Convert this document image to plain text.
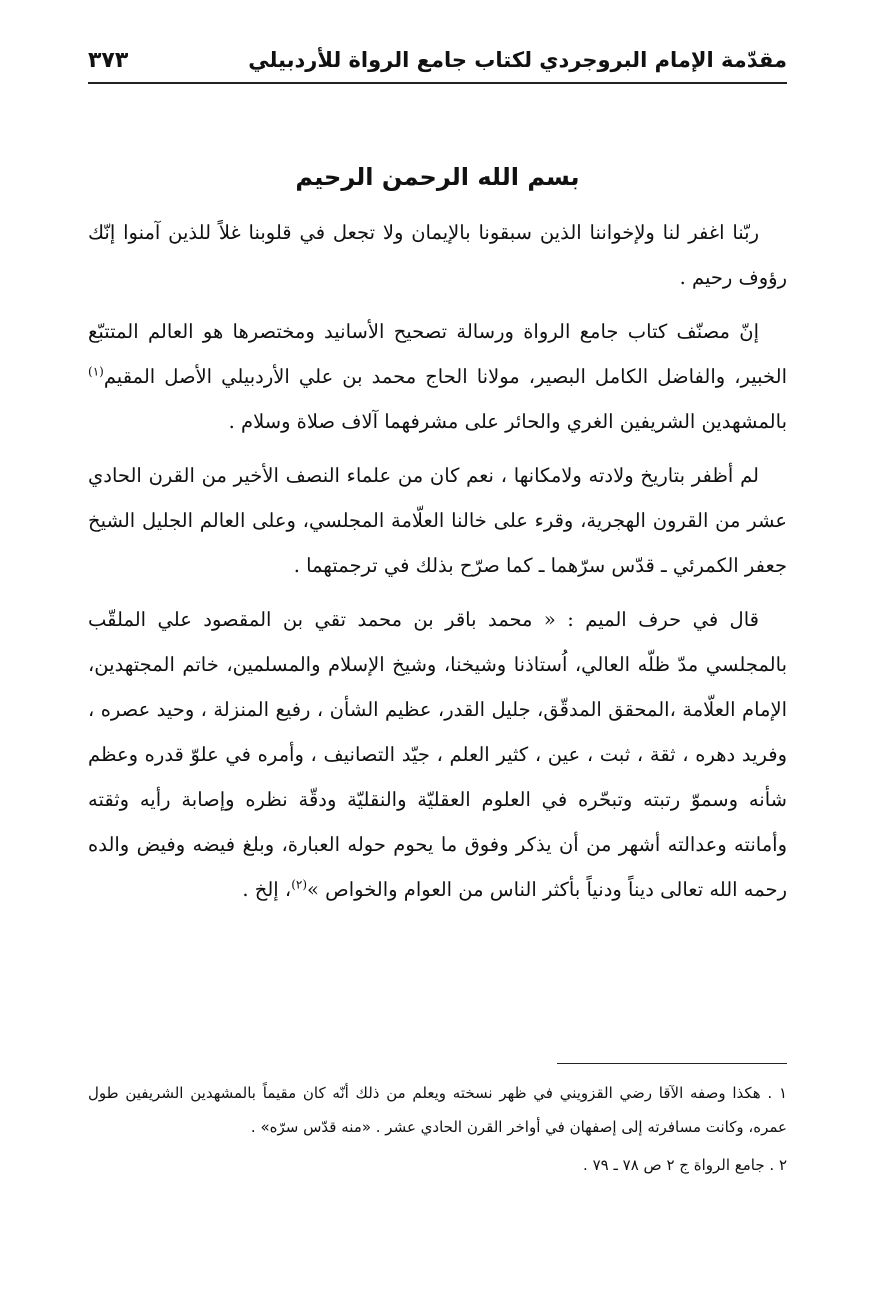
مقدّمة الإمام البروجردي لكتاب جامع الرواة للأردبيلي
٣٧٣
بسم الله الرحمن الرحيم

ربّنا اغفر لنا ولإخواننا الذين سبقونا بالإيمان ولا تجعل في قلوبنا غلاً للذين آمنوا إنّك رؤوف رحيم .

إنّ مصنّف كتاب جامع الرواة ورسالة تصحيح الأسانيد ومختصرها هو العالم المتتبّع الخبير، والفاضل الكامل البصير، مولانا الحاج محمد بن علي الأردبيلي الأصل المقيم$^{(١)}$ بالمشهدين الشريفين الغري والحائر على مشرفهما آلاف صلاة وسلام .

لم أظفر بتاريخ ولادته ولامكانها ، نعم كان من علماء النصف الأخير من القرن الحادي عشر من القرون الهجرية، وقرء على خالنا العلّامة المجلسي، وعلى العالم الجليل الشيخ جعفر الكمرئي ـ قدّس سرّهما ـ كما صرّح بذلك في ترجمتهما .

قال في حرف الميم : « محمد باقر بن محمد تقي بن المقصود علي الملقّب بالمجلسي مدّ ظلّه العالي، اُستاذنا وشيخنا، وشيخ الإسلام والمسلمين، خاتم المجتهدين، الإمام العلّامة ،المحقق المدقّق، جليل القدر، عظيم الشأن ، رفيع المنزلة ، وحيد عصره ، وفريد دهره ، ثقة ، ثبت ، عين ، كثير العلم ، جيّد التصانيف ، وأمره في علوّ قدره وعظم شأنه وسموّ رتبته وتبحّره في العلوم العقليّة والنقليّة ودقّة نظره وإصابة رأيه وثقته وأمانته وعدالته أشهر من أن يذكر وفوق ما يحوم حوله العبارة، وبلغ فيضه وفيض والده رحمه الله تعالى ديناً ودنياً بأكثر الناس من العوام والخواص »$^{(٢)}$، إلخ .

١ . هكذا وصفه الآقا رضي القزويني في ظهر نسخته ويعلم من ذلك أنّه كان مقيماً بالمشهدين الشريفين طول عمره، وكانت مسافرته إلى إصفهان في أواخر القرن الحادي عشر . «منه قدّس سرّه» .

٢ . جامع الرواة ج ٢ ص ٧٨ ـ ٧٩ .
